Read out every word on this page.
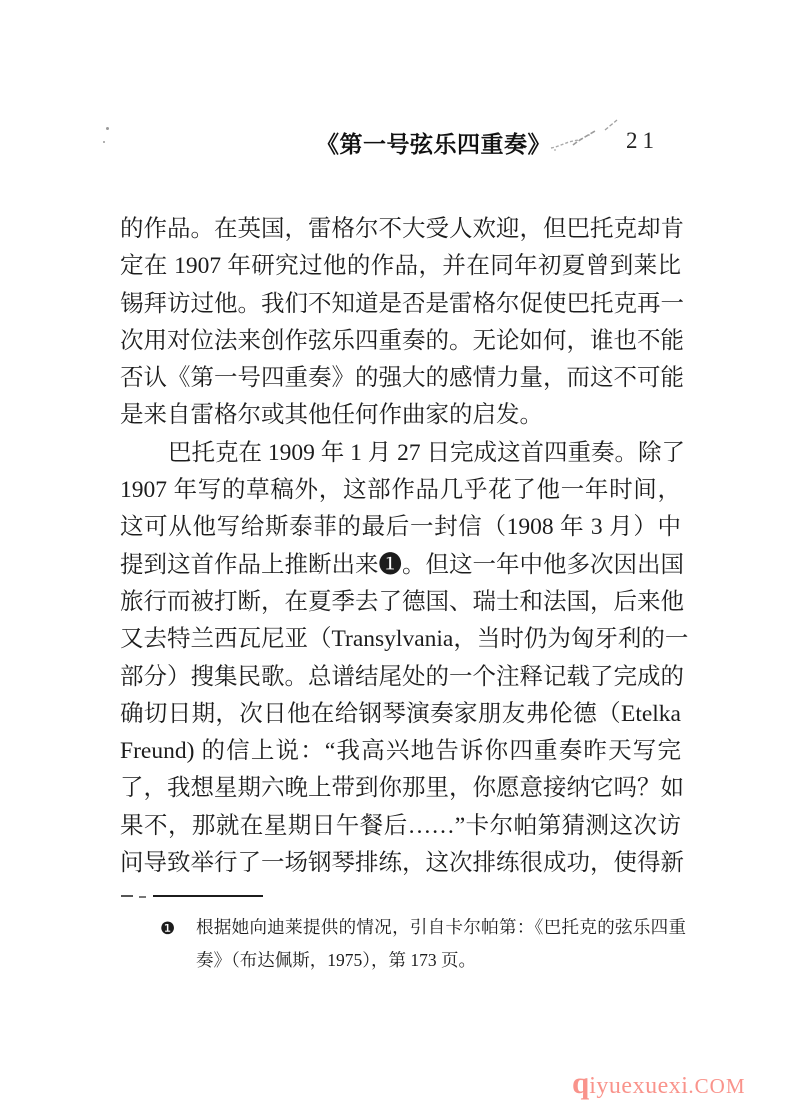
《第一号弦乐四重奏》	21
的作品。在英国，雷格尔不大受人欢迎，但巴托克却肯
定在 1907 年研究过他的作品，并在同年初夏曾到莱比
锡拜访过他。我们不知道是否是雷格尔促使巴托克再一
次用对位法来创作弦乐四重奏的。无论如何，谁也不能
否认《第一号四重奏》的强大的感情力量，而这不可能
是来自雷格尔或其他任何作曲家的启发。
巴托克在 1909 年 1 月 27 日完成这首四重奏。除了
1907 年写的草稿外，这部作品几乎花了他一年时间，
这可从他写给斯泰菲的最后一封信（1908 年 3 月）中
提到这首作品上推断出来❶。但这一年中他多次因出国
旅行而被打断，在夏季去了德国、瑞士和法国，后来他
又去特兰西瓦尼亚（Transylvania，当时仍为匈牙利的一
部分）搜集民歌。总谱结尾处的一个注释记载了完成的
确切日期，次日他在给钢琴演奏家朋友弗伦德（Etelka
Freund) 的信上说：“我高兴地告诉你四重奏昨天写完
了，我想星期六晚上带到你那里，你愿意接纳它吗？如
果不，那就在星期日午餐后……”卡尔帕第猜测这次访
问导致举行了一场钢琴排练，这次排练很成功，使得新
❶ 根据她向迪莱提供的情况，引自卡尔帕第：《巴托克的弦乐四重
奏》（布达佩斯，1975），第 173 页。
qiyuexuexi.COM
